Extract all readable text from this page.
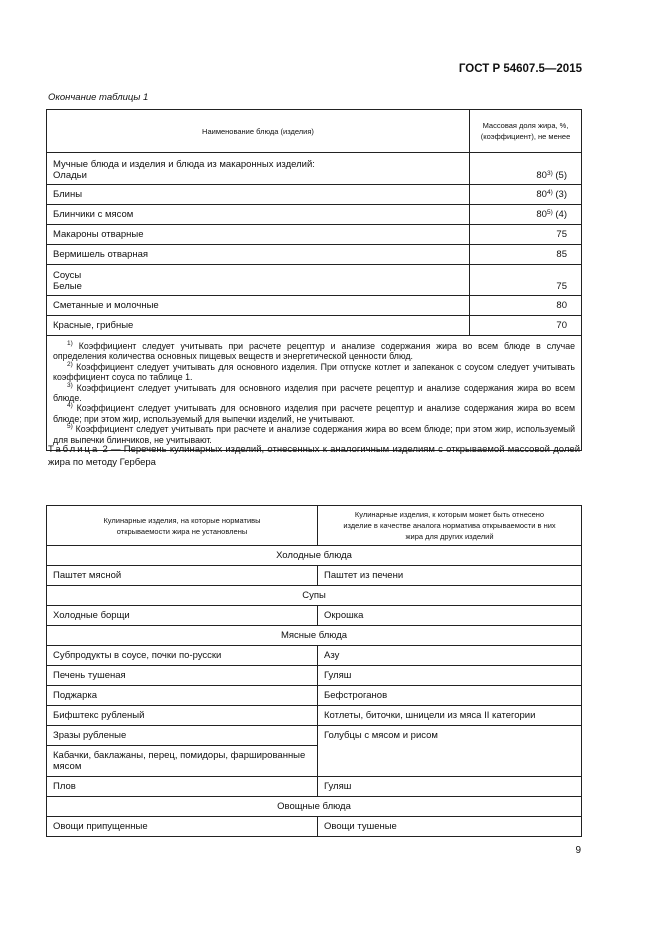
ГОСТ Р 54607.5—2015
Окончание таблицы 1
Наименование блюда (изделия)	Массовая доля жира, %, (коэффициент), не менее

Мучные блюда и изделия и блюда из макаронных изделий:
Оладьи	80$^{3)}$ (5)
Блины	80$^{4)}$ (3)
Блинчики с мясом	80$^{5)}$ (4)
Макароны отварные	75
Вермишель отварная	85

Соусы
Белые	75
Сметанные и молочные	80
Красные, грибные	70

$^{1)}$ Коэффициент следует учитывать при расчете рецептур и анализе содержания жира во всем блюде в случае определения количества основных пищевых веществ и энергетической ценности блюд.
$^{2)}$ Коэффициент следует учитывать для основного изделия. При отпуске котлет и запеканок с соусом следует учитывать коэффициент соуса по таблице 1.
$^{3)}$ Коэффициент следует учитывать для основного изделия при расчете рецептур и анализе содержания жира во всем блюде.
$^{4)}$ Коэффициент следует учитывать для основного изделия при расчете рецептур и анализе содержания жира во всем блюде; при этом жир, используемый для выпечки изделий, не учитывают.
$^{5)}$ Коэффициент следует учитывать при расчете и анализе содержания жира во всем блюде; при этом жир, используемый для выпечки блинчиков, не учитывают.	
Таблица 2 — Перечень кулинарных изделий, отнесенных к аналогичным изделиям с открываемой массовой долей жира по методу Гербера
Кулинарные изделия, на которые нормативы открываемости жира не установлены	Кулинарные изделия, к которым может быть отнесено изделие в качестве аналога норматива открываемости в них жира для других изделий
Холодные блюда	
Паштет мясной	Паштет из печени
Супы	
Холодные борщи	Окрошка
Мясные блюда	
Субпродукты в соусе, почки по-русски	Азу
Печень тушеная	Гуляш
Поджарка	Бефстроганов
Бифштекс рубленый	Котлеты, биточки, шницели из мяса II категории
Зразы рубленые	Голубцы с мясом и рисом
Кабачки, баклажаны, перец, помидоры, фаршированные мясом	
Плов	Гуляш
Овощные блюда	
Овощи припущенные	Овощи тушеные
9
